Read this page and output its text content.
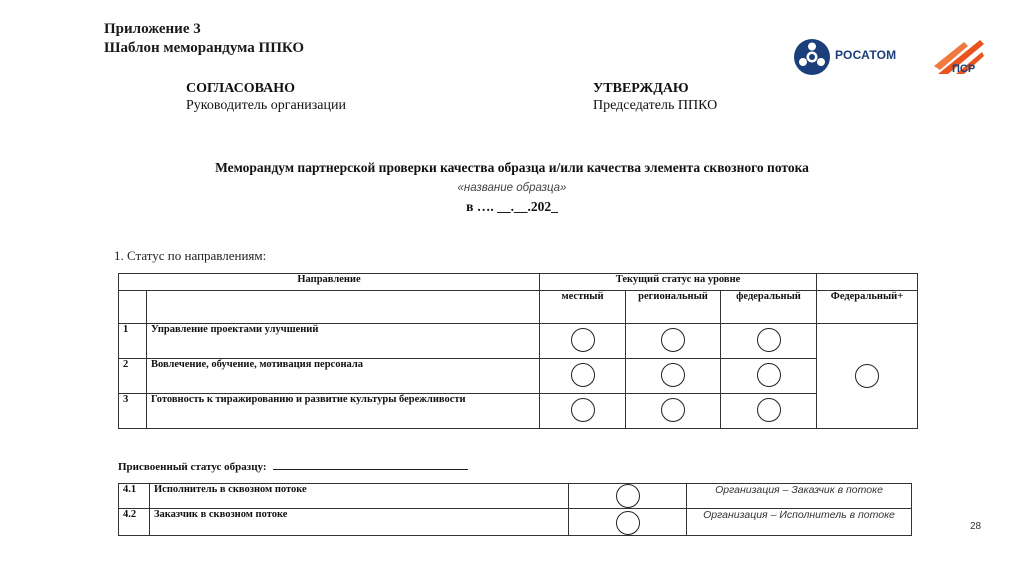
Приложение 3
Шаблон меморандума ППКО	РОСАТОМ
ПСР
СОГЛАСОВАНО
Руководитель организации
УТВЕРЖДАЮ
Председатель ППКО
Меморандум партнерской проверки качества образца и/или качества элемента сквозного потока
«название образца»
в …. __.__.202_
1. Статус по направлениям:
Направление		Текущий статус на уровне			
		местный	региональный	федеральный	Федеральный+
1	Управление проектами улучшений	

2	Вовлечение, обучение, мотивация персонала		

3	Готовность к тиражированию и развитие культуры бережливости		

Присвоенный статус образцу:
4.1	Исполнитель в сквозном потоке		Организация – Заказчик в потоке
4.2	Заказчик в сквозном потоке		Организация – Исполнитель в потоке
28
